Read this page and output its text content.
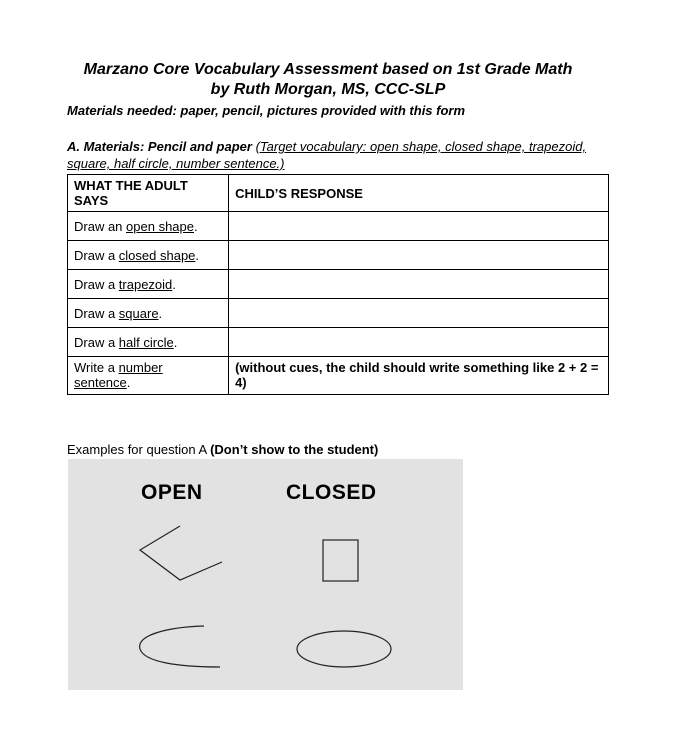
Marzano Core Vocabulary Assessment based on 1st Grade Math
by Ruth Morgan, MS, CCC-SLP
Materials needed: paper, pencil, pictures provided with this form
A. Materials: Pencil and paper (Target vocabulary: open shape, closed shape, trapezoid, square, half circle, number sentence.)
WHAT THE ADULT SAYS	CHILD’S RESPONSE
Draw an open shape.	
Draw a closed shape.	
Draw a trapezoid.	
Draw a square.	
Draw a half circle.	
Write a number sentence.	(without cues, the child should write something like 2 + 2 = 4)
Examples for question A (Don’t show to the student)
OPEN	CLOSED
